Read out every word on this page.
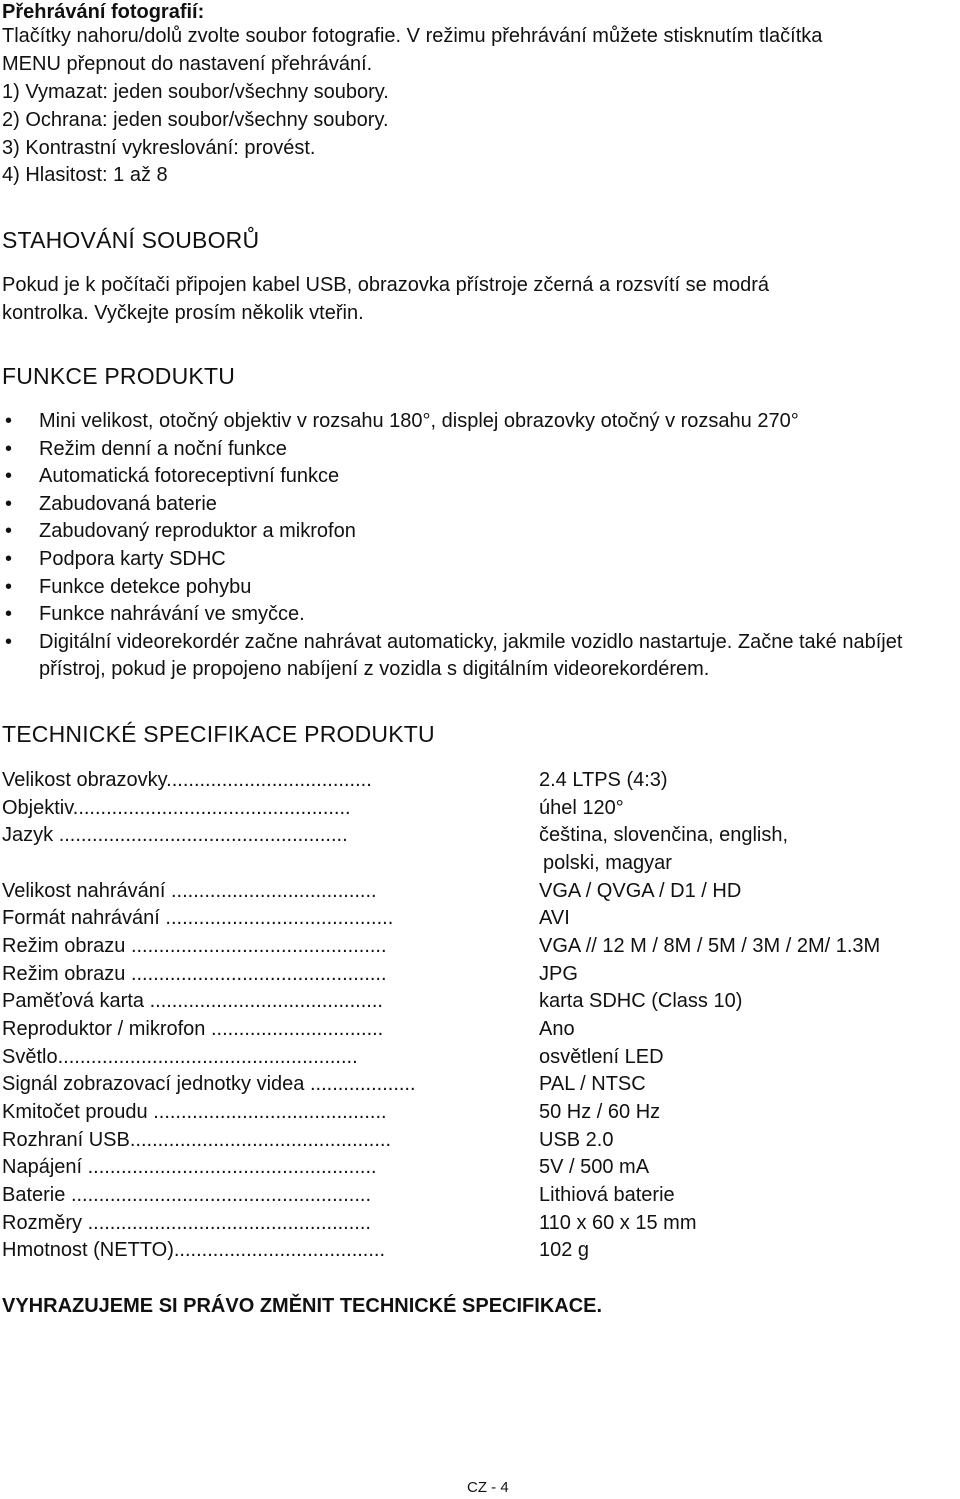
Přehrávání fotografií:
Tlačítky nahoru/dolů zvolte soubor fotografie. V režimu přehrávání můžete stisknutím tlačítka
MENU přepnout do nastavení přehrávání.
1) Vymazat: jeden soubor/všechny soubory.
2) Ochrana: jeden soubor/všechny soubory.
3) Kontrastní vykreslování: provést.
4) Hlasitost: 1 až 8
STAHOVÁNÍ SOUBORŮ
Pokud je k počítači připojen kabel USB, obrazovka přístroje zčerná a rozsvítí se modrá
kontrolka. Vyčkejte prosím několik vteřin.
FUNKCE PRODUKTU
• Mini velikost, otočný objektiv v rozsahu 180°, displej obrazovky otočný v rozsahu 270°
• Režim denní a noční funkce
• Automatická fotoreceptivní funkce
• Zabudovaná baterie
• Zabudovaný reproduktor a mikrofon
• Podpora karty SDHC
• Funkce detekce pohybu
• Funkce nahrávání ve smyčce.
• Digitální videorekordér začne nahrávat automaticky, jakmile vozidlo nastartuje. Začne také nabíjet přístroj, pokud je propojeno nabíjení z vozidla s digitálním videorekordérem.
TECHNICKÉ SPECIFIKACE PRODUKTU
Velikost obrazovky.....................................	2.4 LTPS (4:3)
Objektiv..................................................	úhel 120°
Jazyk ....................................................	čeština, slovenčina, english,
polski, magyar
Velikost nahrávání .....................................	VGA / QVGA / D1 / HD
Formát nahrávání .........................................	AVI
Režim obrazu ..............................................	VGA // 12 M / 8M / 5M / 3M / 2M/ 1.3M
Režim obrazu ..............................................	JPG
Paměťová karta ..........................................	karta SDHC (Class 10)
Reproduktor / mikrofon ...............................	Ano
Světlo......................................................	osvětlení LED
Signál zobrazovací jednotky videa ...................	PAL / NTSC
Kmitočet proudu ..........................................	50 Hz / 60 Hz
Rozhraní USB...............................................	USB 2.0
Napájení ....................................................	5V / 500 mA
Baterie ......................................................	Lithiová baterie
Rozměry ...................................................	110 x 60 x 15 mm
Hmotnost (NETTO)......................................	102 g
VYHRAZUJEME SI PRÁVO ZMĚNIT TECHNICKÉ SPECIFIKACE.
CZ - 4
